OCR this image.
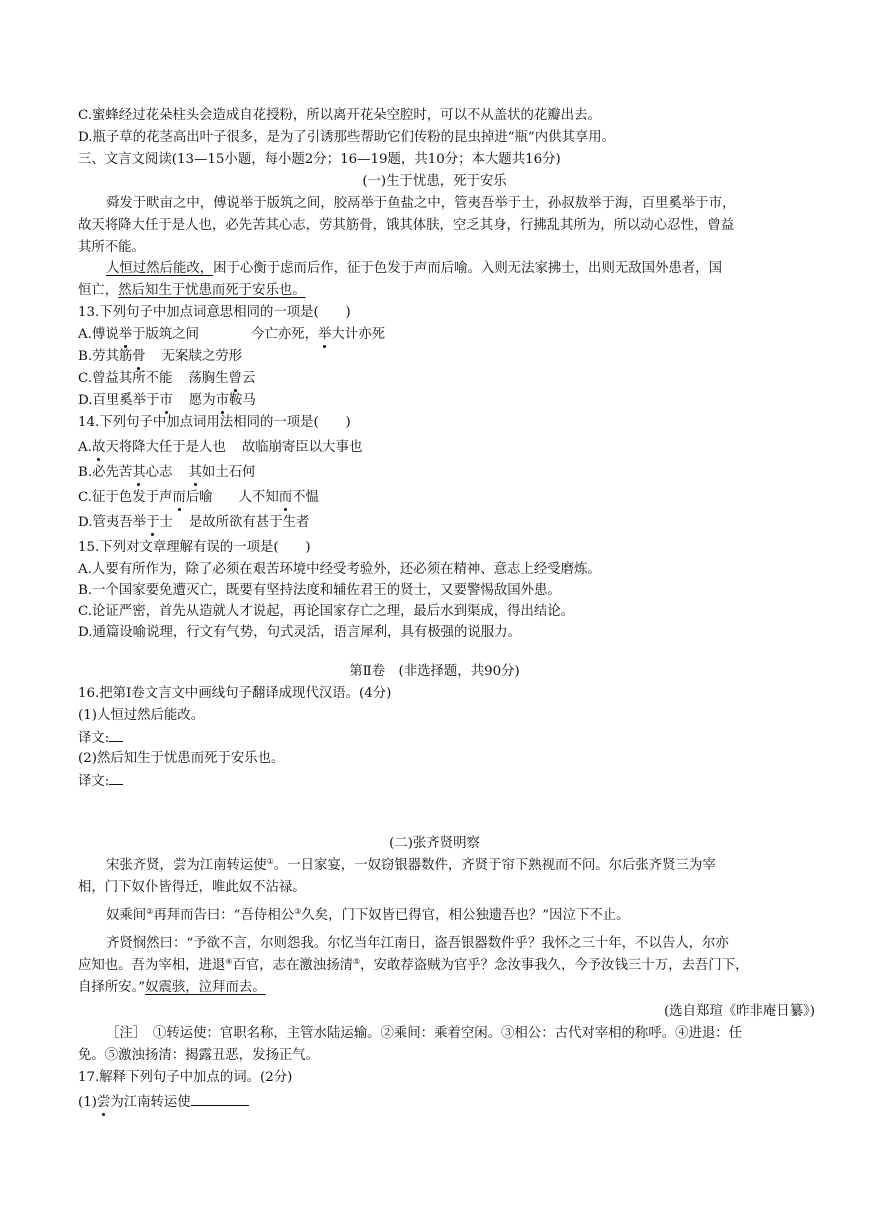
C.蜜蜂经过花朵柱头会造成自花授粉，所以离开花朵空腔时，可以不从盖状的花瓣出去。
D.瓶子草的花茎高出叶子很多，是为了引诱那些帮助它们传粉的昆虫掉进“瓶”内供其享用。
三、文言文阅读(13—15小题，每小题2分；16—19题，共10分；本大题共16分)
(一)生于忧患，死于安乐
舜发于畎亩之中，傅说举于版筑之间，胶鬲举于鱼盐之中，管夷吾举于士，孙叔敖举于海，百里奚举于市，
故天将降大任于是人也，必先苦其心志，劳其筋骨，饿其体肤，空乏其身，行拂乱其所为，所以动心忍性，曾益
其所不能。
人恒过然后能改，困于心衡于虑而后作，征于色发于声而后喻。入则无法家拂士，出则无敌国外患者，国
恒亡，然后知生于忧患而死于安乐也。
13.下列句子中加点词意思相同的一项是(　　)
A.傅说举于版筑之间	今亡亦死，举大计亦死
B.劳其筋骨 无案牍之劳形
C.曾益其所不能 荡胸生曾云
D.百里奚举于市 愿为市鞍马
14.下列句子中加点词用法相同的一项是(　　)
A.故天将降大任于是人也 故临崩寄臣以大事也
B.必先苦其心志 其如土石何
C.征于色发于声而后喻 人不知而不愠
D.管夷吾举于士 是故所欲有甚于生者
15.下列对文章理解有误的一项是(　　)
A.人要有所作为，除了必须在艰苦环境中经受考验外，还必须在精神、意志上经受磨炼。
B.一个国家要免遭灭亡，既要有坚持法度和辅佐君王的贤士，又要警惕敌国外患。
C.论证严密，首先从造就人才说起，再论国家存亡之理，最后水到渠成，得出结论。
D.通篇设喻说理，行文有气势，句式灵活，语言犀利，具有极强的说服力。
第Ⅱ卷　(非选择题，共90分)
16.把第Ⅰ卷文言文中画线句子翻译成现代汉语。(4分)
(1)人恒过然后能改。
译文:
(2)然后知生于忧患而死于安乐也。
译文:
(二)张齐贤明察
宋张齐贤，尝为江南转运使①。一日家宴，一奴窃银器数件，齐贤于帘下熟视而不问。尔后张齐贤三为宰
相，门下奴仆皆得迁，唯此奴不沾禄。
奴乘间②再拜而告曰：“吾侍相公③久矣，门下奴皆已得官，相公独遗吾也？”因泣下不止。
齐贤悯然曰：“予欲不言，尔则怨我。尔忆当年江南日，盗吾银器数件乎？我怀之三十年，不以告人，尔亦
应知也。吾为宰相，进退④百官，志在激浊扬清⑤，安敢荐盗贼为官乎？念汝事我久，今予汝钱三十万，去吾门下，
自择所安。”奴震骇，泣拜而去。
(选自郑瑄《昨非庵日纂》)
［注］　①转运使：官职名称，主管水陆运输。②乘间：乘着空闲。③相公：古代对宰相的称呼。④进退：任
免。⑤激浊扬清：揭露丑恶，发扬正气。
17.解释下列句子中加点的词。(2分)
(1)尝为江南转运使
